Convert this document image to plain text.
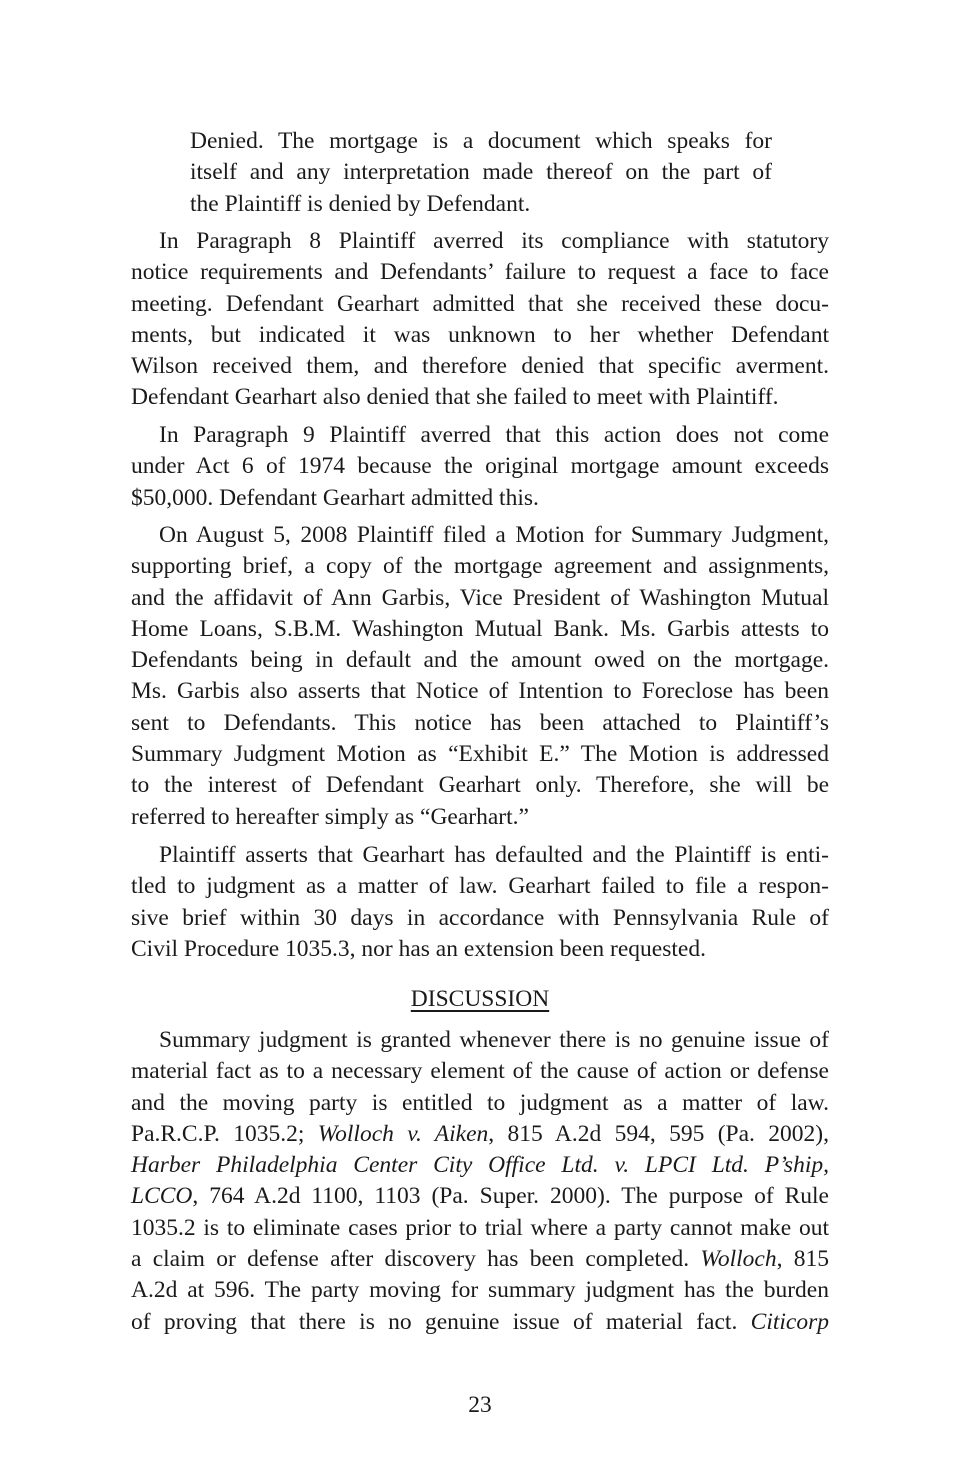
Denied. The mortgage is a document which speaks for
itself and any interpretation made thereof on the part of
the Plaintiff is denied by Defendant.
In Paragraph 8 Plaintiff averred its compliance with statutory
notice requirements and Defendants’ failure to request a face to face
meeting. Defendant Gearhart admitted that she received these docu-
ments, but indicated it was unknown to her whether Defendant
Wilson received them, and therefore denied that specific averment.
Defendant Gearhart also denied that she failed to meet with Plaintiff.
In Paragraph 9 Plaintiff averred that this action does not come
under Act 6 of 1974 because the original mortgage amount exceeds
$50,000. Defendant Gearhart admitted this.
On August 5, 2008 Plaintiff filed a Motion for Summary Judgment,
supporting brief, a copy of the mortgage agreement and assignments,
and the affidavit of Ann Garbis, Vice President of Washington Mutual
Home Loans, S.B.M. Washington Mutual Bank. Ms. Garbis attests to
Defendants being in default and the amount owed on the mortgage.
Ms. Garbis also asserts that Notice of Intention to Foreclose has been
sent to Defendants. This notice has been attached to Plaintiff’s
Summary Judgment Motion as “Exhibit E.” The Motion is addressed
to the interest of Defendant Gearhart only. Therefore, she will be
referred to hereafter simply as “Gearhart.”
Plaintiff asserts that Gearhart has defaulted and the Plaintiff is enti-
tled to judgment as a matter of law. Gearhart failed to file a respon-
sive brief within 30 days in accordance with Pennsylvania Rule of
Civil Procedure 1035.3, nor has an extension been requested.
DISCUSSION
Summary judgment is granted whenever there is no genuine issue of
material fact as to a necessary element of the cause of action or defense
and the moving party is entitled to judgment as a matter of law.
Pa.R.C.P. 1035.2; Wolloch v. Aiken, 815 A.2d 594, 595 (Pa. 2002),
Harber Philadelphia Center City Office Ltd. v. LPCI Ltd. P’ship,
LCCO, 764 A.2d 1100, 1103 (Pa. Super. 2000). The purpose of Rule
1035.2 is to eliminate cases prior to trial where a party cannot make out
a claim or defense after discovery has been completed. Wolloch, 815
A.2d at 596. The party moving for summary judgment has the burden
of proving that there is no genuine issue of material fact. Citicorp
23
